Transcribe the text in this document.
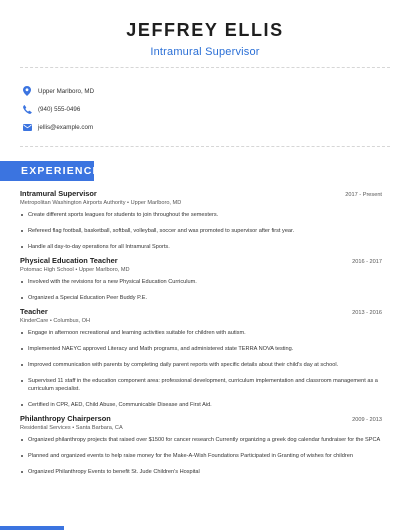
JEFFREY ELLIS
Intramural Supervisor
Upper Marlboro, MD
(940) 555-0496
jellis@example.com
EXPERIENCE
Intramural Supervisor	2017 - Present
Metropolitan Washington Airports Authority • Upper Marlboro, MD
Create different sports leagues for students to join throughout the semesters.
Refereed flag football, basketball, softball, volleyball, soccer and was promoted to supervisor after first year.
Handle all day-to-day operations for all Intramural Sports.
Physical Education Teacher	2016 - 2017
Potomac High School • Upper Marlboro, MD
Involved with the revisions for a new Physical Education Curriculum.
Organized a Special Education Peer Buddy P.E.
Teacher	2013 - 2016
KinderCare • Columbus, OH
Engage in afternoon recreational and learning activities suitable for children with autism.
Implemented NAEYC approved Literacy and Math programs, and administered state TERRA NOVA testing.
Improved communication with parents by completing daily parent reports with specific details about their child's day at school.
Supervised 11 staff in the education component area: professional development, curriculum implementation and classroom management as a curriculum specialist.
Certified in CPR, AED, Child Abuse, Communicable Disease and First Aid.
Philanthropy Chairperson	2009 - 2013
Residential Services • Santa Barbara, CA
Organized philanthropy projects that raised over $1500 for cancer research Currently organizing a greek dog calendar fundraiser for the SPCA
Planned and organized events to help raise money for the Make-A-Wish Foundations Participated in Granting of wishes for children
Organized Philanthropy Events to benefit St. Jude Children's Hospital
